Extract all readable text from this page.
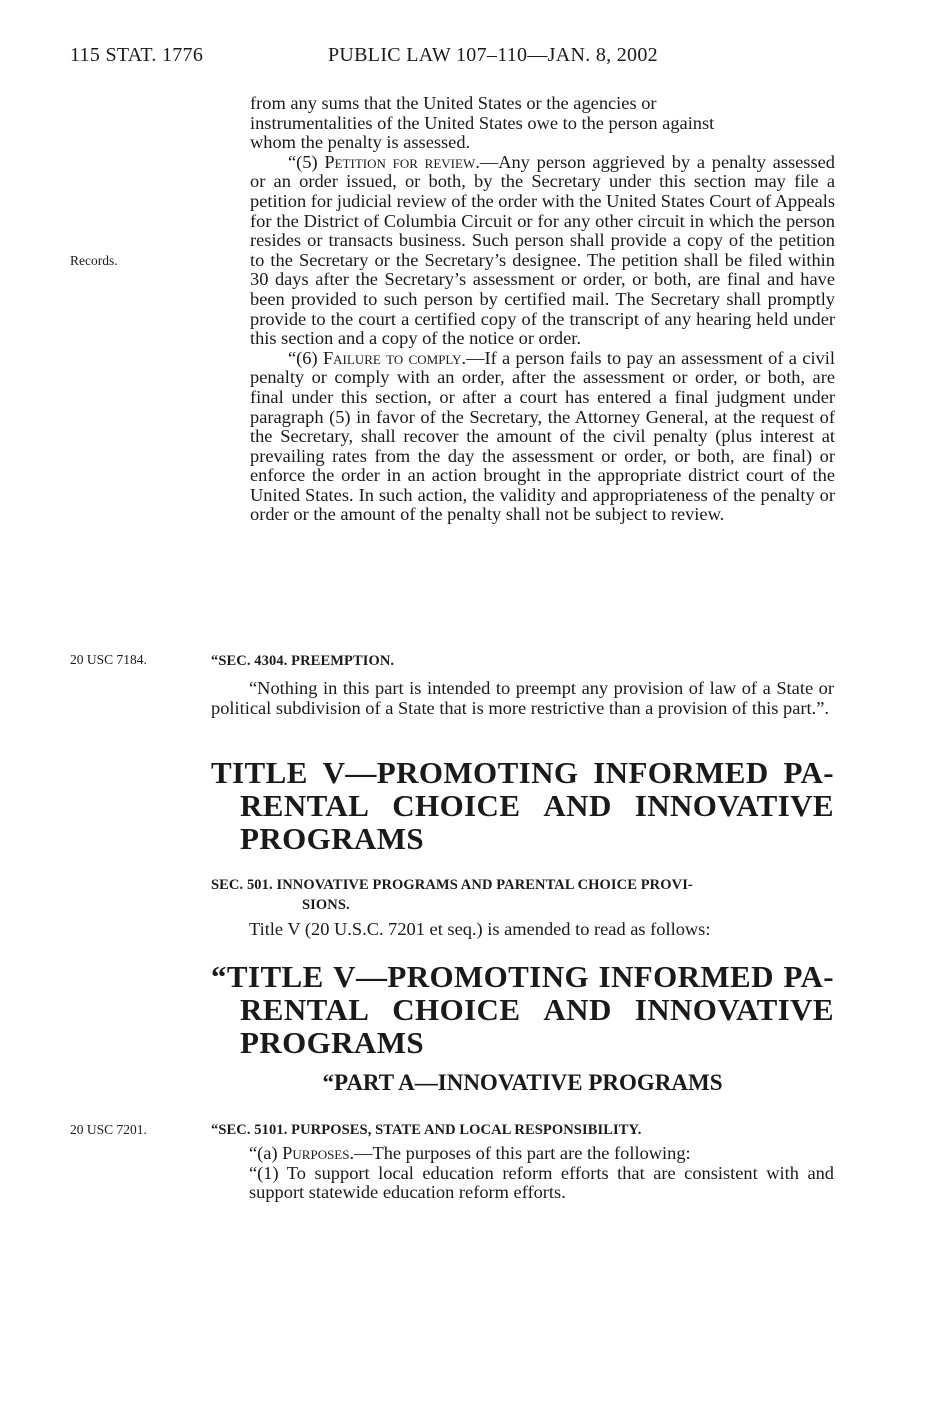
115 STAT. 1776	PUBLIC LAW 107–110—JAN. 8, 2002
Records.
20 USC 7184.
20 USC 7201.

from any sums that the United States or the agencies or

instrumentalities of the United States owe to the person against

whom the penalty is assessed.

“(5) Petition for review.—Any person aggrieved by a penalty assessed or an order issued, or both, by the Secretary under this section may file a petition for judicial review of the order with the United States Court of Appeals for the District of Columbia Circuit or for any other circuit in which the person resides or transacts business. Such person shall provide a copy of the petition to the Secretary or the Secretary’s designee. The petition shall be filed within 30 days after the Secretary’s assessment or order, or both, are final and have been provided to such person by certified mail. The Secretary shall promptly provide to the court a certified copy of the transcript of any hearing held under this section and a copy of the notice or order.

“(6) Failure to comply.—If a person fails to pay an assessment of a civil penalty or comply with an order, after the assessment or order, or both, are final under this section, or after a court has entered a final judgment under paragraph (5) in favor of the Secretary, the Attorney General, at the request of the Secretary, shall recover the amount of the civil penalty (plus interest at prevailing rates from the day the assessment or order, or both, are final) or enforce the order in an action brought in the appropriate district court of the United States. In such action, the validity and appropriateness of the penalty or order or the amount of the penalty shall not be subject to review.

“SEC. 4304. PREEMPTION.

“Nothing in this part is intended to preempt any provision of law of a State or political subdivision of a State that is more restrictive than a provision of this part.”.

TITLE V—PROMOTING INFORMED PA-
RENTAL CHOICE AND INNOVATIVE
PROGRAMS
SEC. 501. INNOVATIVE PROGRAMS AND PARENTAL CHOICE PROVI-
SIONS.

Title V (20 U.S.C. 7201 et seq.) is amended to read as follows:

“TITLE V—PROMOTING INFORMED PA-
RENTAL CHOICE AND INNOVATIVE
PROGRAMS
“PART A—INNOVATIVE PROGRAMS
“SEC. 5101. PURPOSES, STATE AND LOCAL RESPONSIBILITY.

“(a) Purposes.—The purposes of this part are the following:

“(1) To support local education reform efforts that are consistent with and support statewide education reform efforts.
